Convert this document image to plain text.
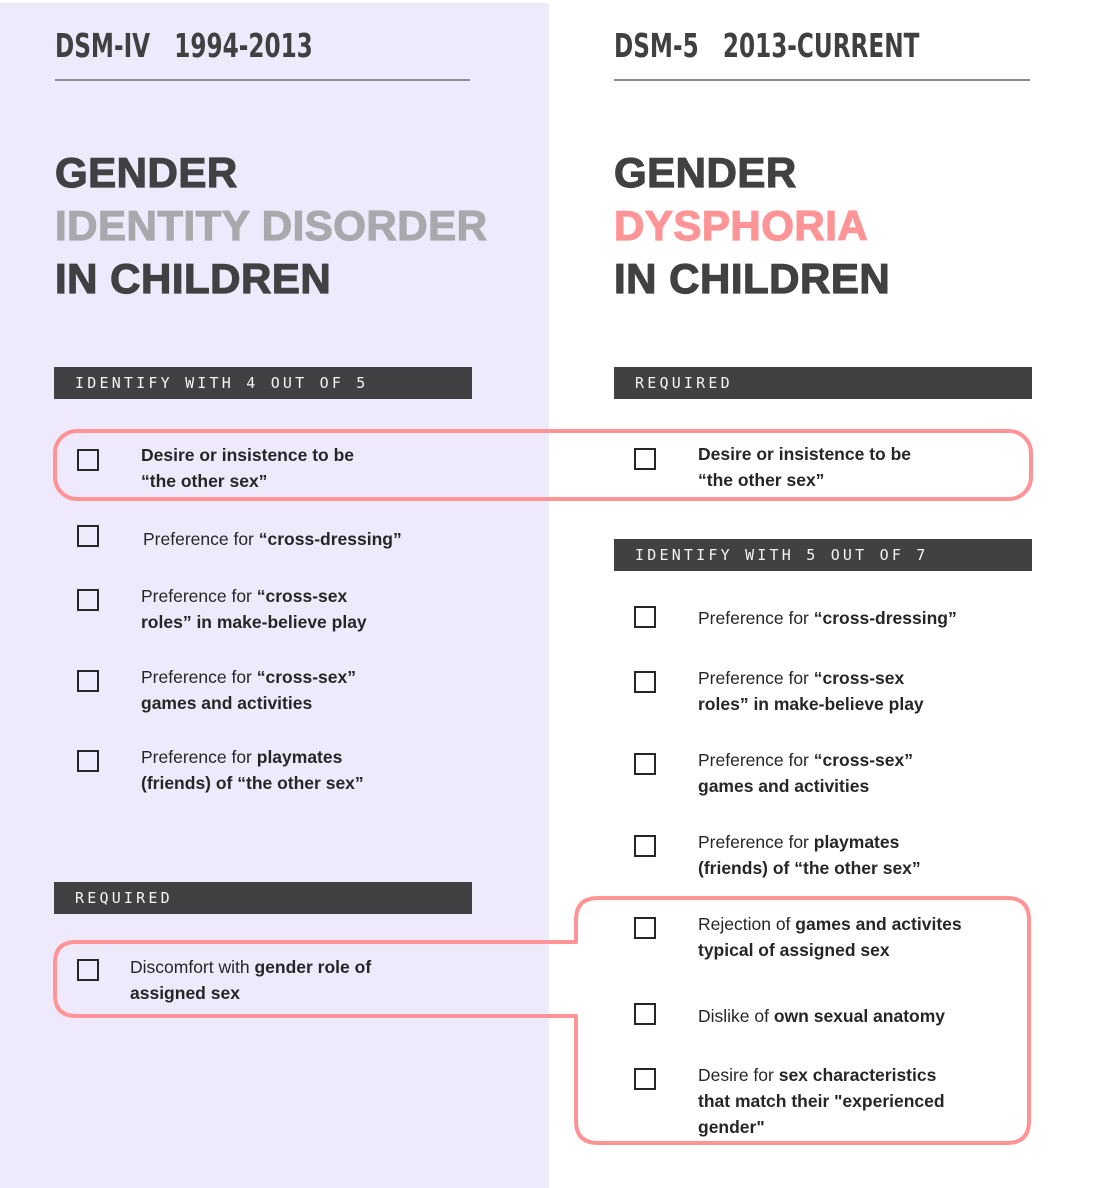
DSM-IV   1994-2013	DSM-5   2013-CURRENT
GENDER
IDENTITY DISORDER
IN CHILDREN
GENDER
DYSPHORIA
IN CHILDREN
IDENTIFY WITH 4 OUT OF 5	REQUIRED
IDENTIFY WITH 5 OUT OF 7
REQUIRED
Desire or insistence to be
“the other sex”
Preference for “cross-dressing”
Preference for “cross-sex
roles” in make-believe play
Preference for “cross-sex”
games and activities
Preference for playmates
(friends) of “the other sex”
Discomfort with gender role of
assigned sex
Desire or insistence to be
“the other sex”
Preference for “cross-dressing”
Preference for “cross-sex
roles” in make-believe play
Preference for “cross-sex”
games and activities
Preference for playmates
(friends) of “the other sex”
Rejection of games and activites
typical of assigned sex
Dislike of own sexual anatomy
Desire for sex characteristics
that match their "experienced
gender"
